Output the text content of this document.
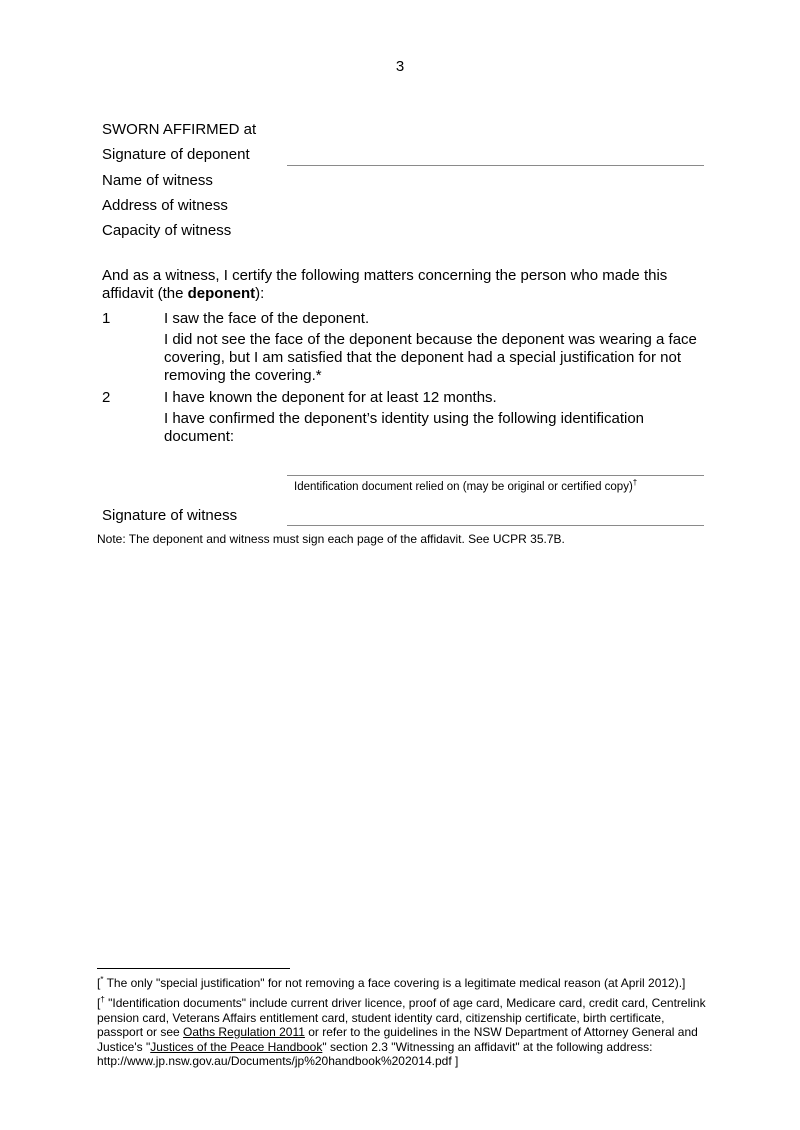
3
SWORN AFFIRMED at
Signature of deponent
Name of witness
Address of witness
Capacity of witness
And as a witness, I certify the following matters concerning the person who made this affidavit (the deponent):
1	I saw the face of the deponent.
I did not see the face of the deponent because the deponent was wearing a face covering, but I am satisfied that the deponent had a special justification for not removing the covering.*
2	I have known the deponent for at least 12 months.
I have confirmed the deponent’s identity using the following identification document:
Identification document relied on (may be original or certified copy)†
Signature of witness
Note: The deponent and witness must sign each page of the affidavit. See UCPR 35.7B.
[* The only "special justification" for not removing a face covering is a legitimate medical reason (at April 2012).]
[† "Identification documents" include current driver licence, proof of age card, Medicare card, credit card, Centrelink pension card, Veterans Affairs entitlement card, student identity card, citizenship certificate, birth certificate, passport or see Oaths Regulation 2011 or refer to the guidelines in the NSW Department of Attorney General and Justice's "Justices of the Peace Handbook" section 2.3 "Witnessing an affidavit" at the following address: http://www.jp.nsw.gov.au/Documents/jp%20handbook%202014.pdf ]
